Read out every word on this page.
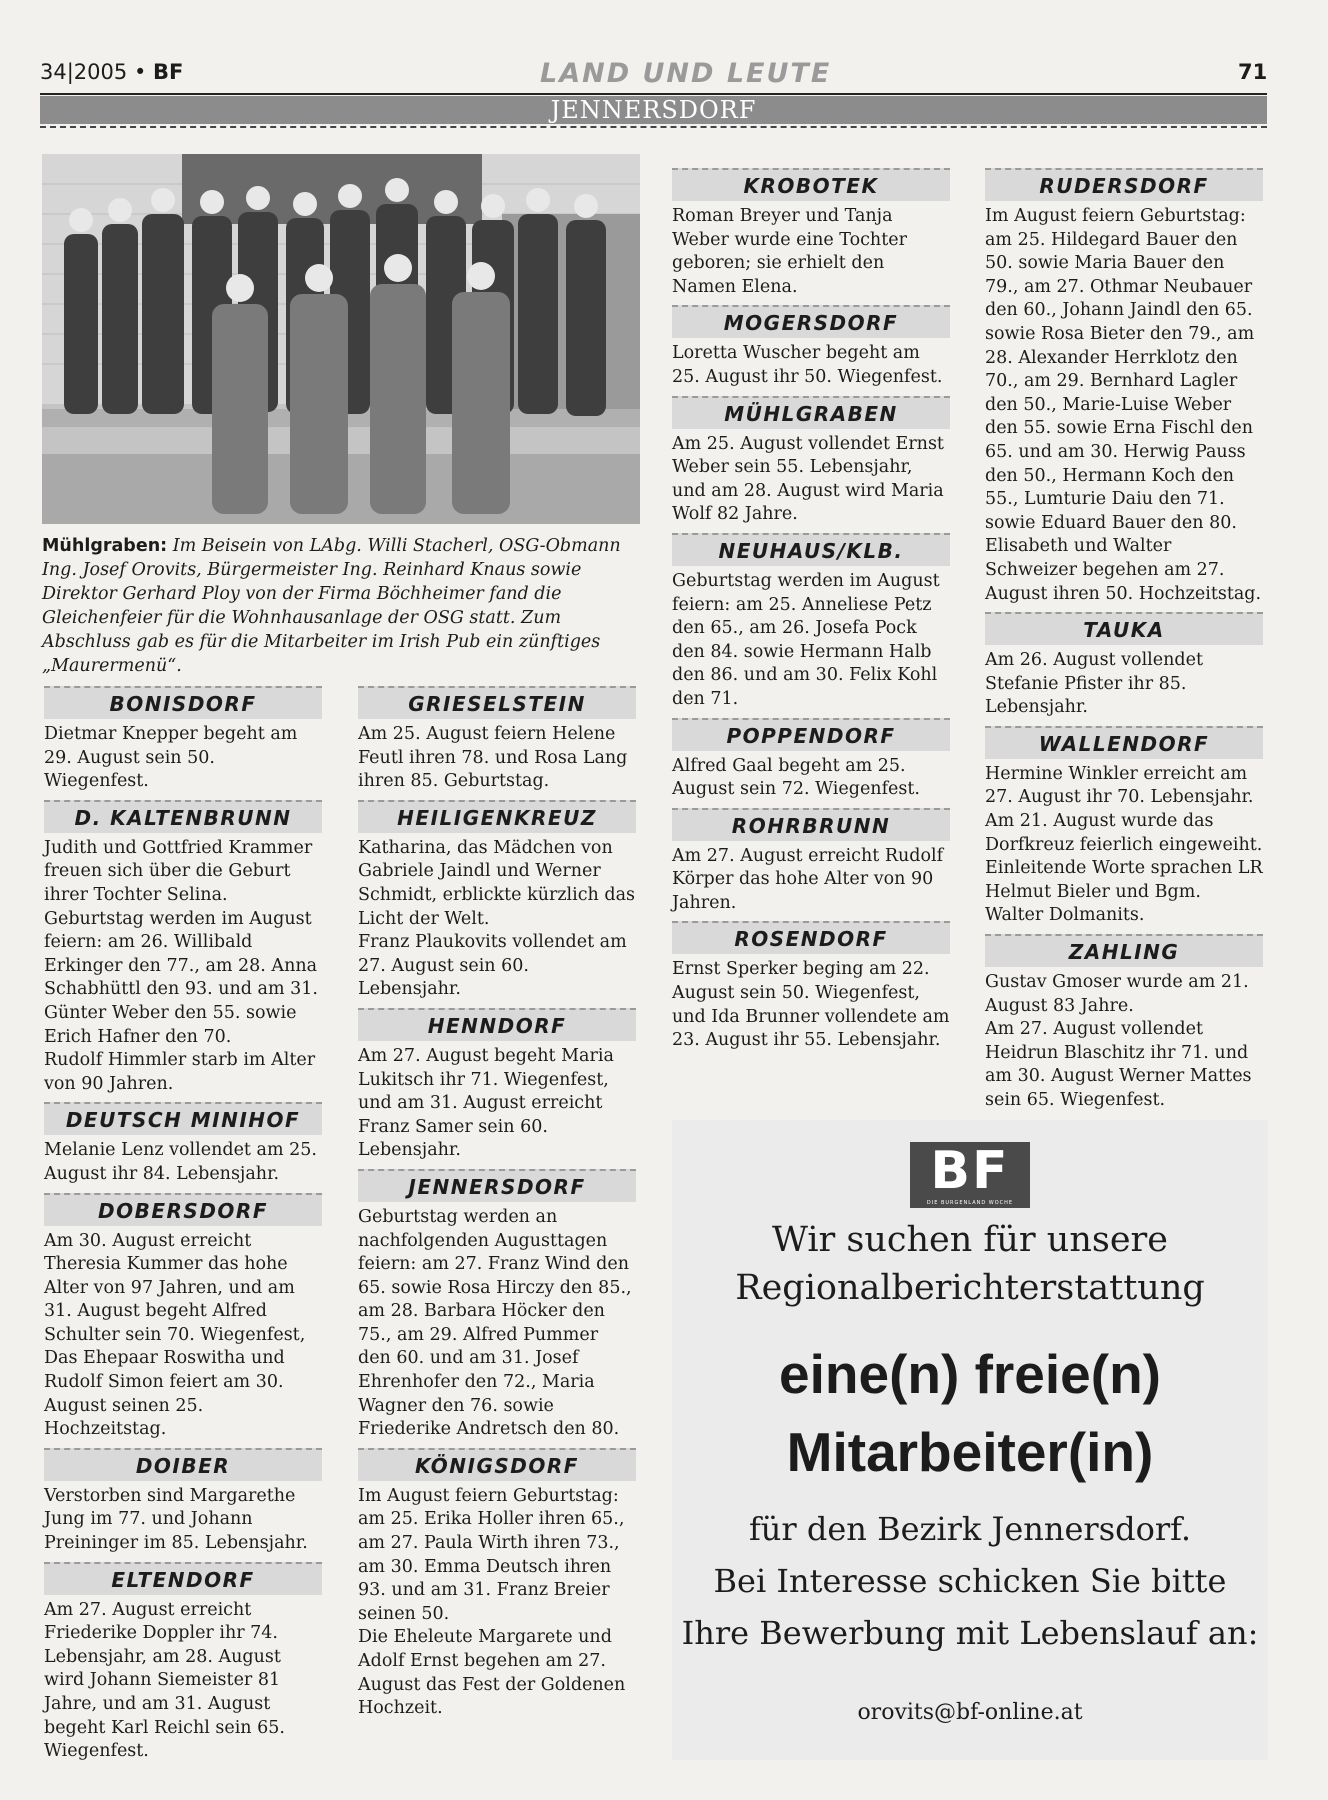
34|2005 • BF	LAND UND LEUTE	71
JENNERSDORF
Mühlgraben: Im Beisein von LAbg. Willi Stacherl, OSG-Obmann Ing. Josef Orovits, Bürgermeister Ing. Reinhard Knaus sowie Direktor Gerhard Ploy von der Firma Böchheimer fand die Gleichenfeier für die Wohnhausanlage der OSG statt. Zum Abschluss gab es für die Mitarbeiter im Irish Pub ein zünftiges „Maurermenü“.
BONISDORF

Dietmar Knepper begeht am 29. August sein 50. Wiegenfest.

D. KALTENBRUNN

Judith und Gottfried Krammer freuen sich über die Geburt ihrer Tochter Selina.

Geburtstag werden im August feiern: am 26. Willibald Erkinger den 77., am 28. Anna Schabhüttl den 93. und am 31. Günter Weber den 55. sowie Erich Hafner den 70.

Rudolf Himmler starb im Alter von 90 Jahren.

DEUTSCH MINIHOF

Melanie Lenz vollendet am 25. August ihr 84. Lebensjahr.

DOBERSDORF

Am 30. August erreicht Theresia Kummer das hohe Alter von 97 Jahren, und am 31. August begeht Alfred Schulter sein 70. Wiegenfest,

Das Ehepaar Roswitha und Rudolf Simon feiert am 30. August seinen 25. Hochzeitstag.

DOIBER

Verstorben sind Margarethe Jung im 77. und Johann Preininger im 85. Lebensjahr.

ELTENDORF

Am 27. August erreicht Friederike Doppler ihr 74. Lebensjahr, am 28. August wird Johann Siemeister 81 Jahre, und am 31. August begeht Karl Reichl sein 65. Wiegenfest.

GRIESELSTEIN

Am 25. August feiern Helene Feutl ihren 78. und Rosa Lang ihren 85. Geburtstag.

HEILIGENKREUZ

Katharina, das Mädchen von Gabriele Jaindl und Werner Schmidt, erblickte kürzlich das Licht der Welt.

Franz Plaukovits vollendet am 27. August sein 60. Lebensjahr.

HENNDORF

Am 27. August begeht Maria Lukitsch ihr 71. Wiegenfest, und am 31. August erreicht Franz Samer sein 60. Lebensjahr.

JENNERSDORF

Geburtstag werden an nachfolgenden Augusttagen feiern: am 27. Franz Wind den 65. sowie Rosa Hirczy den 85., am 28. Barbara Höcker den 75., am 29. Alfred Pummer den 60. und am 31. Josef Ehrenhofer den 72., Maria Wagner den 76. sowie Friederike Andretsch den 80.

KÖNIGSDORF

Im August feiern Geburtstag: am 25. Erika Holler ihren 65., am 27. Paula Wirth ihren 73., am 30. Emma Deutsch ihren 93. und am 31. Franz Breier seinen 50.

Die Eheleute Margarete und Adolf Ernst begehen am 27. August das Fest der Goldenen Hochzeit.

KROBOTEK

Roman Breyer und Tanja Weber wurde eine Tochter geboren; sie erhielt den Namen Elena.

MOGERSDORF

Loretta Wuscher begeht am 25. August ihr 50. Wiegenfest.

MÜHLGRABEN

Am 25. August vollendet Ernst Weber sein 55. Lebensjahr, und am 28. August wird Maria Wolf 82 Jahre.

NEUHAUS/KLB.

Geburtstag werden im August feiern: am 25. Anneliese Petz den 65., am 26. Josefa Pock den 84. sowie Hermann Halb den 86. und am 30. Felix Kohl den 71.

POPPENDORF

Alfred Gaal begeht am 25. August sein 72. Wiegenfest.

ROHRBRUNN

Am 27. August erreicht Rudolf Körper das hohe Alter von 90 Jahren.

ROSENDORF

Ernst Sperker beging am 22. August sein 50. Wiegenfest, und Ida Brunner vollendete am 23. August ihr 55. Lebensjahr.

RUDERSDORF

Im August feiern Geburtstag: am 25. Hildegard Bauer den 50. sowie Maria Bauer den 79., am 27. Othmar Neubauer den 60., Johann Jaindl den 65. sowie Rosa Bieter den 79., am 28. Alexander Herrklotz den 70., am 29. Bernhard Lagler den 50., Marie-Luise Weber den 55. sowie Erna Fischl den 65. und am 30. Herwig Pauss den 50., Hermann Koch den 55., Lumturie Daiu den 71. sowie Eduard Bauer den 80. Elisabeth und Walter Schweizer begehen am 27. August ihren 50. Hochzeitstag.

TAUKA

Am 26. August vollendet Stefanie Pfister ihr 85. Lebensjahr.

WALLENDORF

Hermine Winkler erreicht am 27. August ihr 70. Lebensjahr. Am 21. August wurde das Dorfkreuz feierlich eingeweiht. Einleitende Worte sprachen LR Helmut Bieler und Bgm. Walter Dolmanits.

ZAHLING

Gustav Gmoser wurde am 21. August 83 Jahre.

Am 27. August vollendet Heidrun Blaschitz ihr 71. und am 30. August Werner Mattes sein 65. Wiegenfest.

BF
DIE BURGENLAND WOCHE
Wir suchen für unsere
Regionalberichterstattung
eine(n) freie(n)
Mitarbeiter(in)
für den Bezirk Jennersdorf.
Bei Interesse schicken Sie bitte
Ihre Bewerbung mit Lebenslauf an:
orovits@bf-online.at
